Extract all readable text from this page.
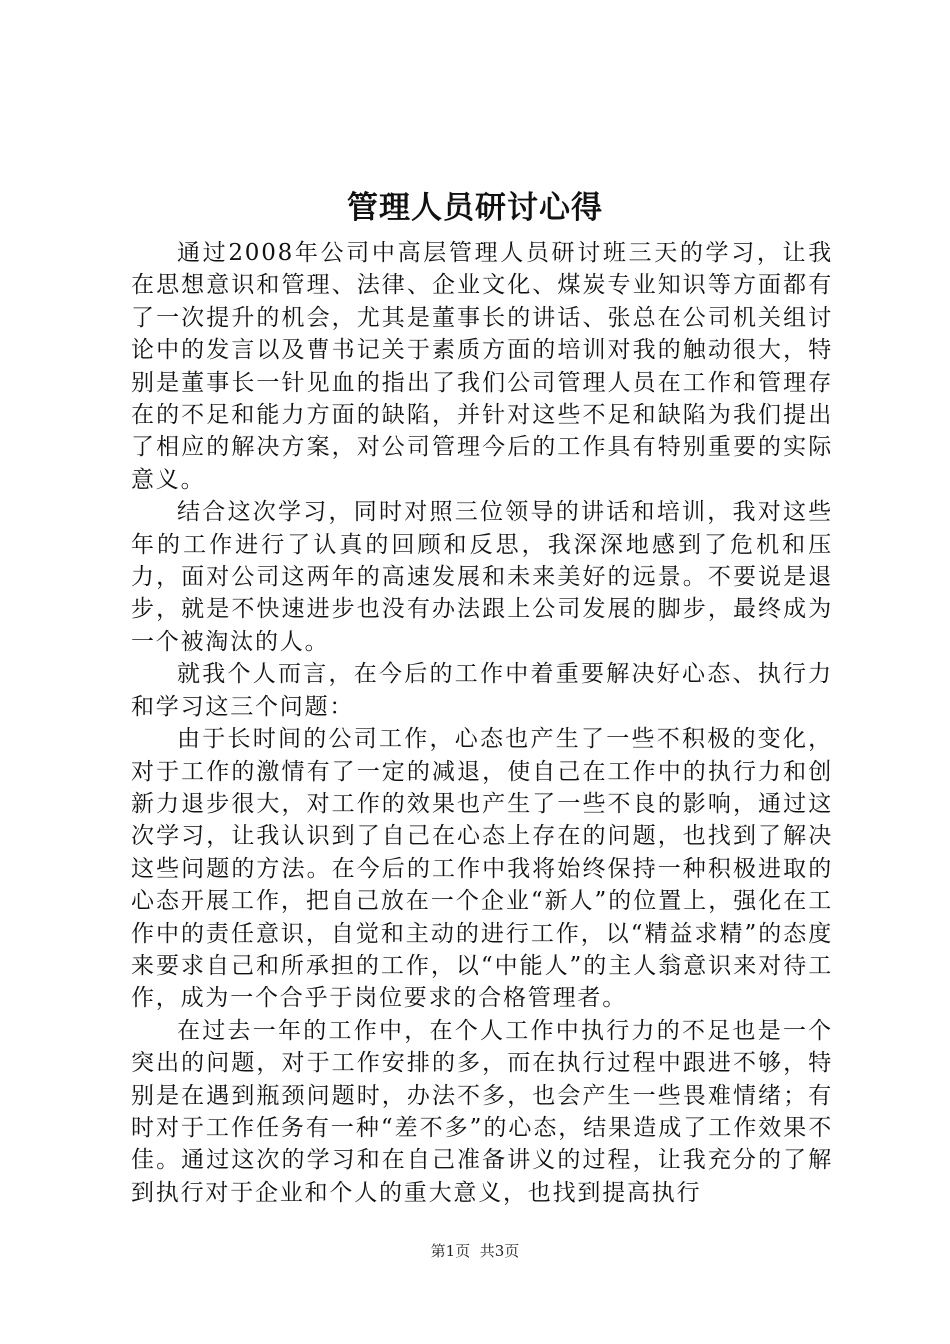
管理人员研讨心得

通过2008年公司中高层管理人员研讨班三天的学习，让我在思想意识和管理、法律、企业文化、煤炭专业知识等方面都有了一次提升的机会，尤其是董事长的讲话、张总在公司机关组讨论中的发言以及曹书记关于素质方面的培训对我的触动很大，特别是董事长一针见血的指出了我们公司管理人员在工作和管理存在的不足和能力方面的缺陷，并针对这些不足和缺陷为我们提出了相应的解决方案，对公司管理今后的工作具有特别重要的实际意义。

结合这次学习，同时对照三位领导的讲话和培训，我对这些年的工作进行了认真的回顾和反思，我深深地感到了危机和压力，面对公司这两年的高速发展和未来美好的远景。不要说是退步，就是不快速进步也没有办法跟上公司发展的脚步，最终成为一个被淘汰的人。

就我个人而言，在今后的工作中着重要解决好心态、执行力和学习这三个问题：

由于长时间的公司工作，心态也产生了一些不积极的变化，对于工作的激情有了一定的减退，使自己在工作中的执行力和创新力退步很大，对工作的效果也产生了一些不良的影响，通过这次学习，让我认识到了自己在心态上存在的问题，也找到了解决这些问题的方法。在今后的工作中我将始终保持一种积极进取的心态开展工作，把自己放在一个企业“新人”的位置上，强化在工作中的责任意识，自觉和主动的进行工作，以“精益求精”的态度来要求自己和所承担的工作，以“中能人”的主人翁意识来对待工作，成为一个合乎于岗位要求的合格管理者。

在过去一年的工作中，在个人工作中执行力的不足也是一个突出的问题，对于工作安排的多，而在执行过程中跟进不够，特别是在遇到瓶颈问题时，办法不多，也会产生一些畏难情绪；有时对于工作任务有一种“差不多”的心态，结果造成了工作效果不佳。通过这次的学习和在自己准备讲义的过程，让我充分的了解到执行对于企业和个人的重大意义，也找到提高执行

第1页 共3页
